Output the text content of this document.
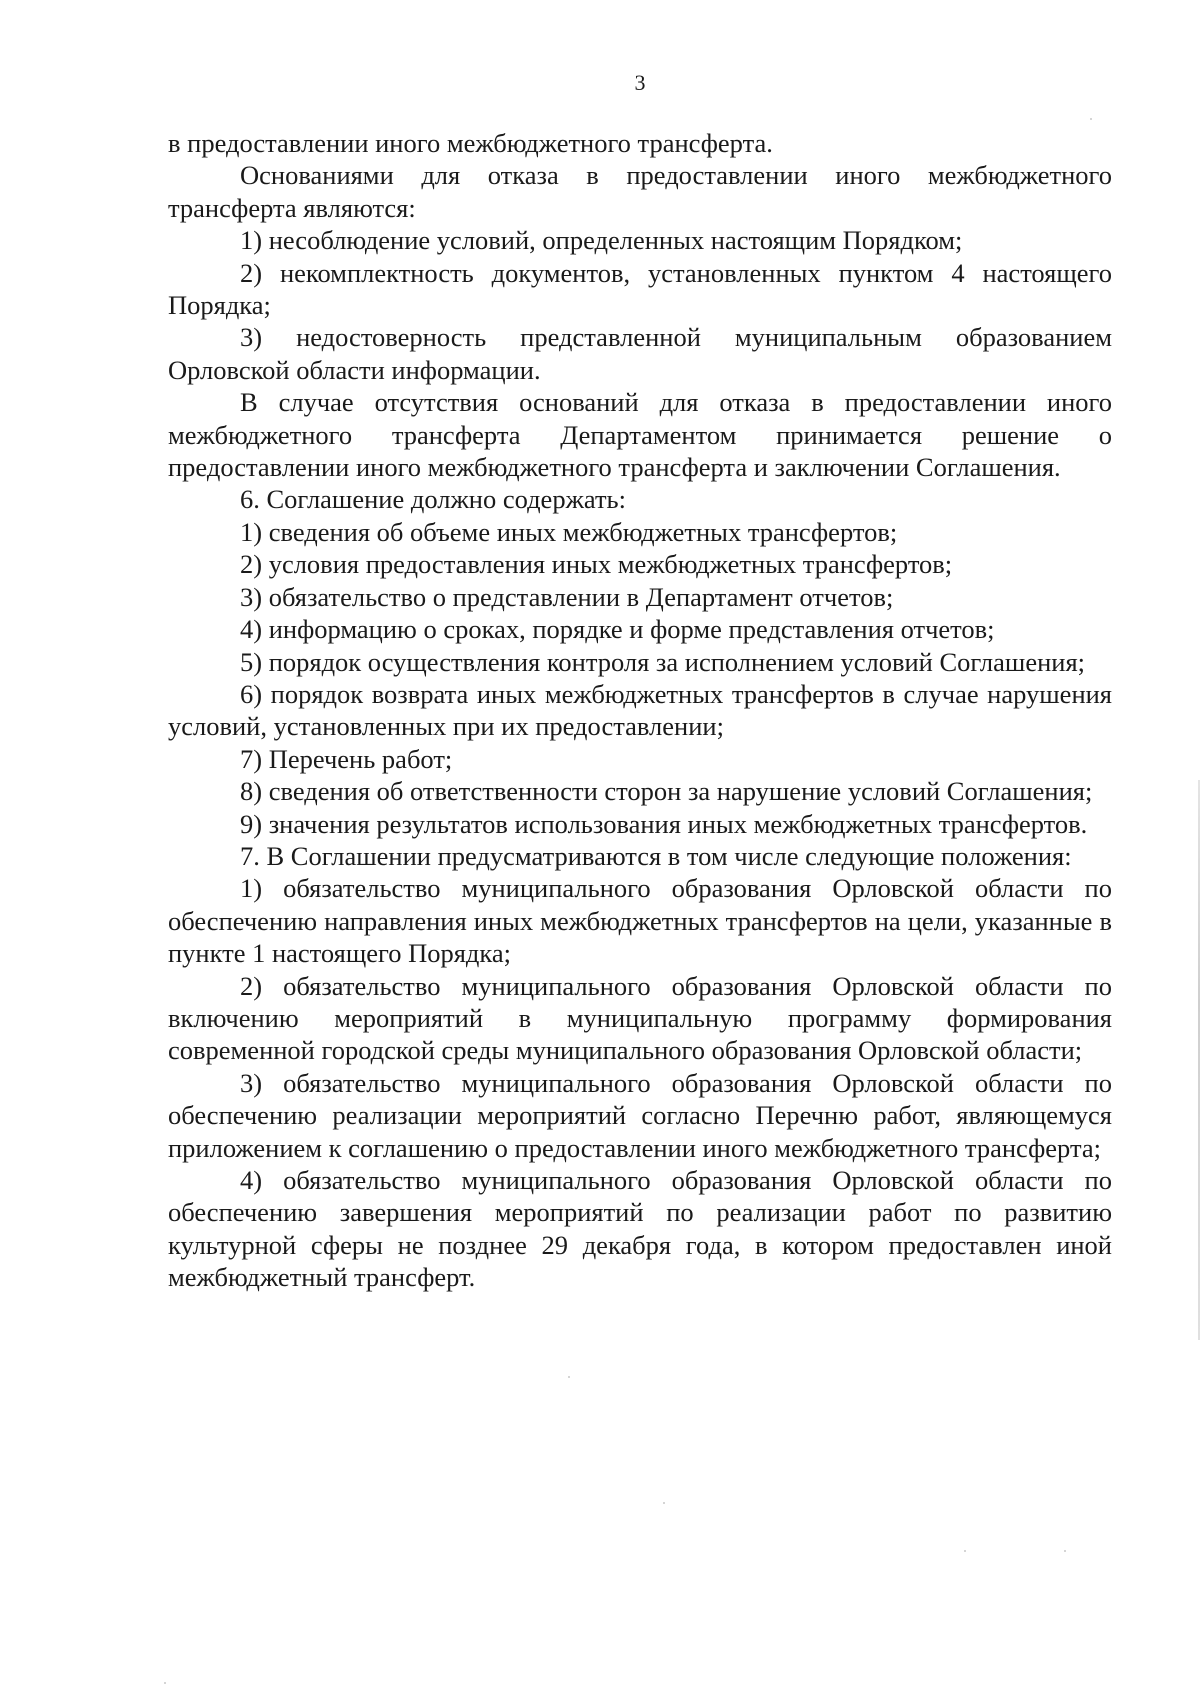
3

в предоставлении иного межбюджетного трансферта.

Основаниями для отказа в предоставлении иного межбюджетного трансферта являются:

1) несоблюдение условий, определенных настоящим Порядком;

2) некомплектность документов, установленных пунктом 4 настоящего Порядка;

3) недостоверность представленной муниципальным образованием Орловской области информации.

В случае отсутствия оснований для отказа в предоставлении иного межбюджетного трансферта Департаментом принимается решение о предоставлении иного межбюджетного трансферта и заключении Соглашения.

6. Соглашение должно содержать:

1) сведения об объеме иных межбюджетных трансфертов;

2) условия предоставления иных межбюджетных трансфертов;

3) обязательство о представлении в Департамент отчетов;

4) информацию о сроках, порядке и форме представления отчетов;

5) порядок осуществления контроля за исполнением условий Соглашения;

6) порядок возврата иных межбюджетных трансфертов в случае нарушения условий, установленных при их предоставлении;

7) Перечень работ;

8) сведения об ответственности сторон за нарушение условий Соглашения;

9) значения результатов использования иных межбюджетных трансфертов.

7. В Соглашении предусматриваются в том числе следующие положения:

1) обязательство муниципального образования Орловской области по обеспечению направления иных межбюджетных трансфертов на цели, указанные в пункте 1 настоящего Порядка;

2) обязательство муниципального образования Орловской области по включению мероприятий в муниципальную программу формирования современной городской среды муниципального образования Орловской области;

3) обязательство муниципального образования Орловской области по обеспечению реализации мероприятий согласно Перечню работ, являющемуся приложением к соглашению о предоставлении иного межбюджетного трансферта;

4) обязательство муниципального образования Орловской области по обеспечению завершения мероприятий по реализации работ по развитию культурной сферы не позднее 29 декабря года, в котором предоставлен иной межбюджетный трансферт.
